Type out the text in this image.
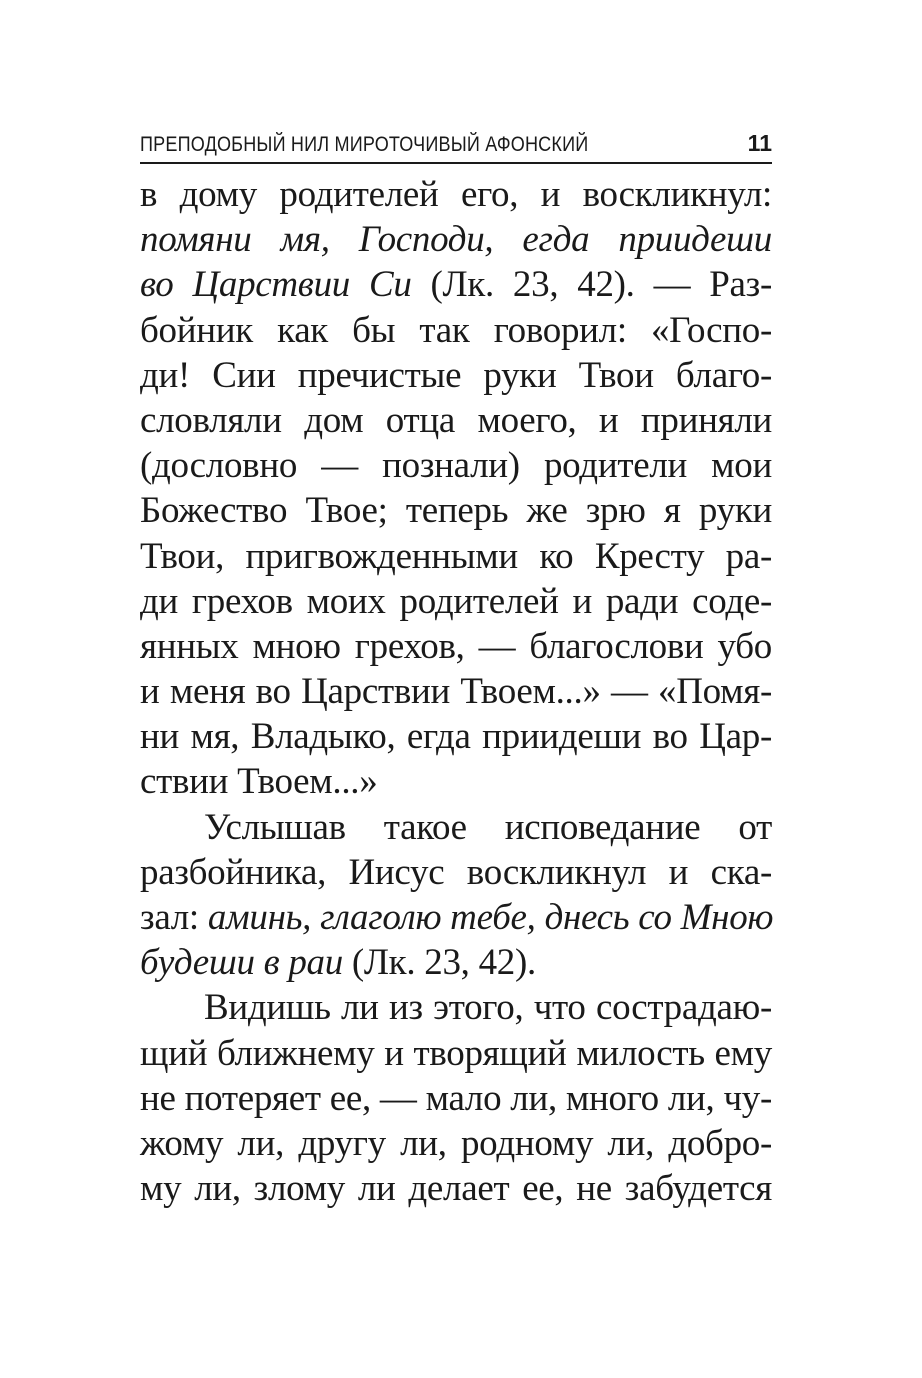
ПРЕПОДОБНЫЙ НИЛ МИРОТОЧИВЫЙ АФОНСКИЙ	11
в дому родителей его, и воскликнул:
помяни мя, Господи, егда приидеши
во Царствии Си (Лк. 23, 42). — Раз-
бойник как бы так говорил: «Госпо-
ди! Сии пречистые руки Твои благо-
словляли дом отца моего, и приняли
(дословно — познали) родители мои
Божество Твое; теперь же зрю я руки
Твои, пригвожденными ко Кресту ра-
ди грехов моих родителей и ради соде-
янных мною грехов, — благослови убо
и меня во Царствии Твоем...» — «Помя-
ни мя, Владыко, егда приидеши во Цар-
ствии Твоем...»
Услышав такое исповедание от
разбойника, Иисус воскликнул и ска-
зал: аминь, глаголю тебе, днесь со Мною
будеши в раи (Лк. 23, 42).
Видишь ли из этого, что сострадаю-
щий ближнему и творящий милость ему
не потеряет ее, — мало ли, много ли, чу-
жому ли, другу ли, родному ли, добро-
му ли, злому ли делает ее, не забудется
